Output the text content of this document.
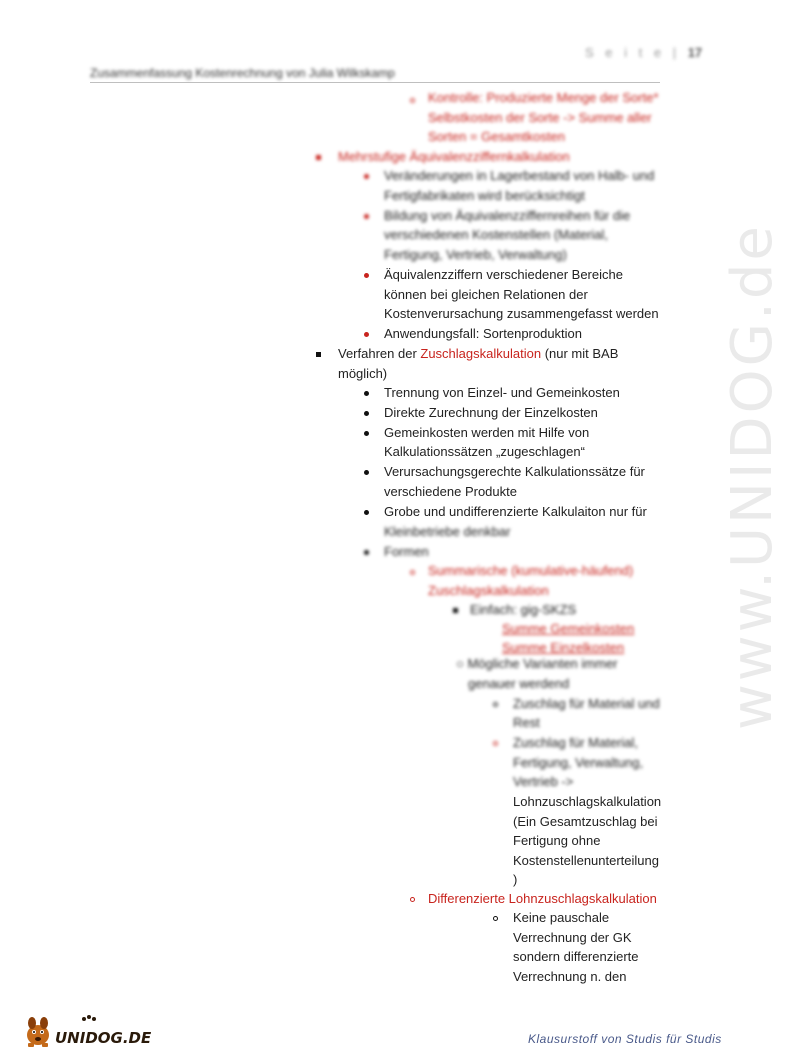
S e i t e | 17
Zusammenfassung Kostenrechnung von Julia Wilkskamp
Kontrolle: Produzierte Menge der Sorte*
Selbstkosten der Sorte -> Summe aller
Sorten = Gesamtkosten
Mehrstufige Äquivalenzziffernkalkulation
Veränderungen in Lagerbestand von Halb- und
Fertigfabrikaten wird berücksichtigt
Bildung von Äquivalenzziffernreihen für die
verschiedenen Kostenstellen (Material,
Fertigung, Vertrieb, Verwaltung)
Äquivalenzziffern verschiedener Bereiche
können bei gleichen Relationen der
Kostenverursachung zusammengefasst werden
Anwendungsfall: Sortenproduktion
Verfahren der Zuschlagskalkulation (nur mit BAB
möglich)
Trennung von Einzel- und Gemeinkosten
Direkte Zurechnung der Einzelkosten
Gemeinkosten werden mit Hilfe von
Kalkulationssätzen „zugeschlagen“
Verursachungsgerechte Kalkulationssätze für
verschiedene Produkte
Grobe und undifferenzierte Kalkulaiton nur für
Kleinbetriebe denkbar
Formen
Summarische (kumulative-häufend)
Zuschlagskalkulation
Einfach: gig-SKZS
Summe Gemeinkosten
Summe Einzelkosten
○ Mögliche Varianten immer
genauer werdend
Zuschlag für Material und
Rest
Zuschlag für Material,
Fertigung, Verwaltung,
Vertrieb ->
Lohnzuschlagskalkulation
(Ein Gesamtzuschlag bei
Fertigung ohne
Kostenstellenunterteilung
)
Differenzierte Lohnzuschlagskalkulation
Keine pauschale
Verrechnung der GK
sondern differenzierte
Verrechnung n. den
www.UNIDOG.de
UNIDOG.DE	Klausurstoff von Studis für Studis
